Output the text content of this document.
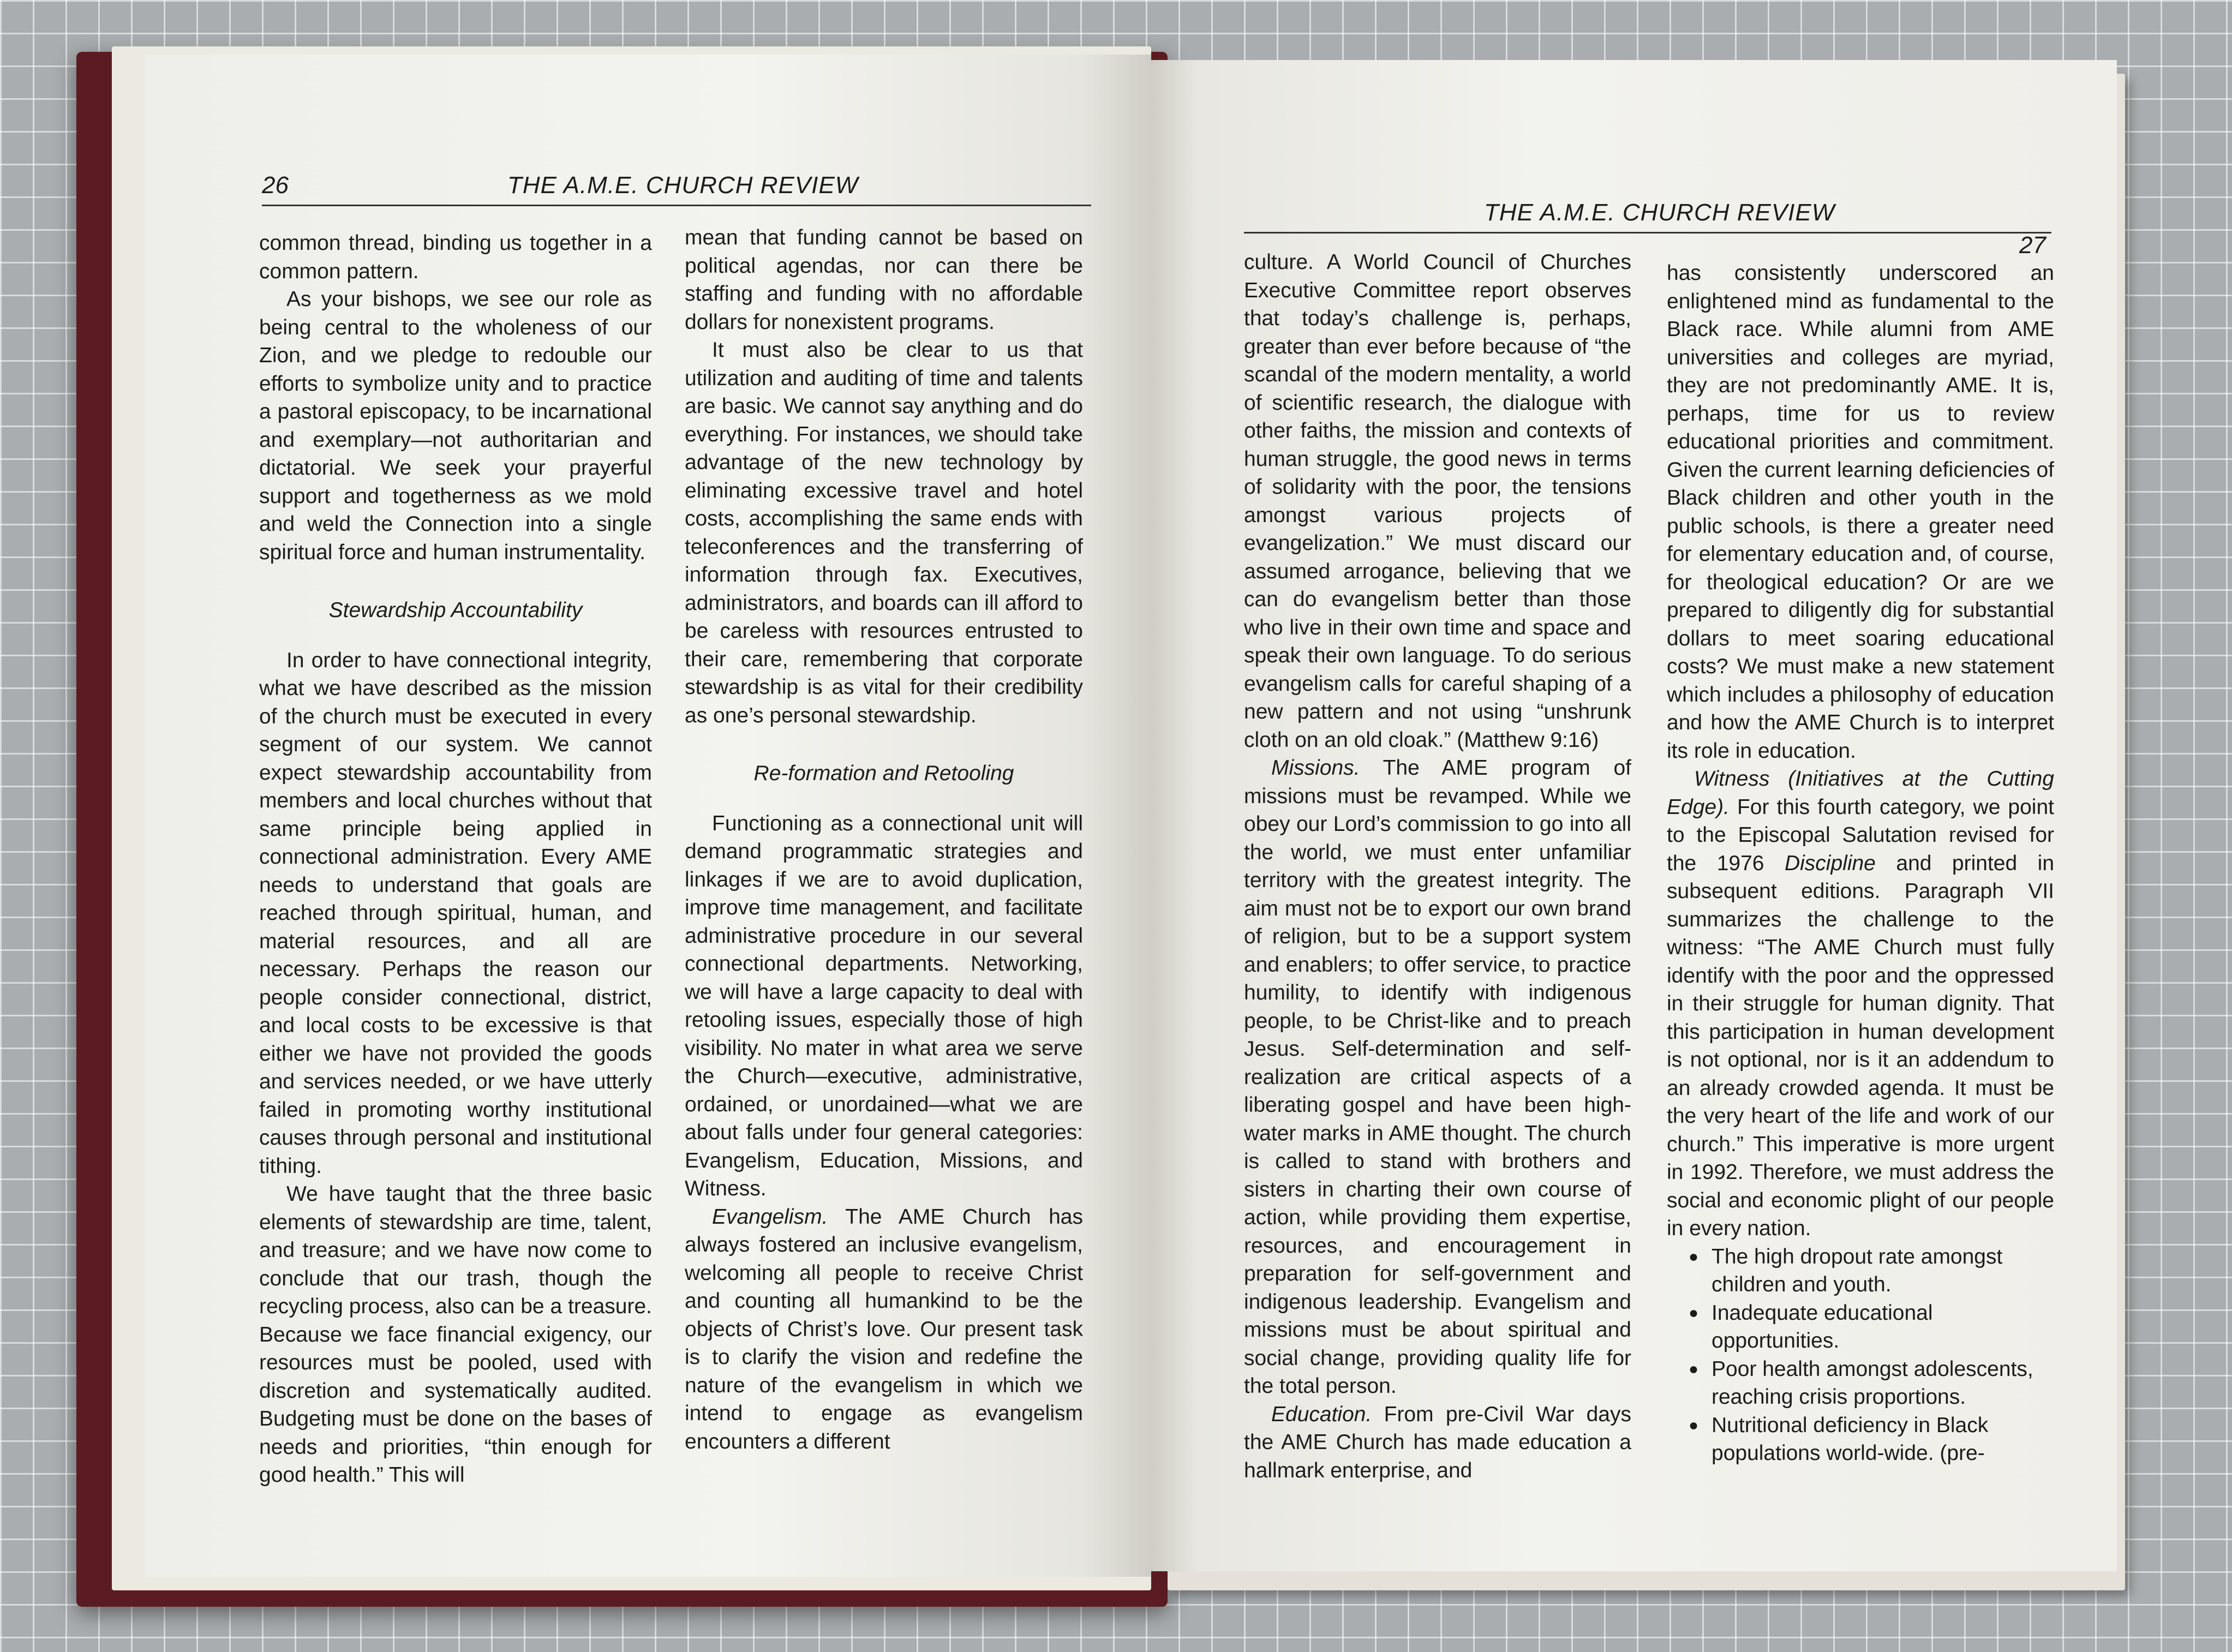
26	THE A.M.E. CHURCH REVIEW

common thread, binding us together in a common pattern.

As your bishops, we see our role as being central to the wholeness of our Zion, and we pledge to redouble our efforts to symbolize unity and to practice a pastoral episcopacy, to be incarnational and exemplary—not authoritarian and dictatorial. We seek your prayerful support and togetherness as we mold and weld the Connection into a single spiritual force and human instrumentality.

Stewardship Accountability

In order to have connectional integrity, what we have described as the mission of the church must be executed in every segment of our system. We cannot expect stewardship accountability from members and local churches without that same principle being applied in connectional administration. Every AME needs to understand that goals are reached through spiritual, human, and material resources, and all are necessary. Perhaps the reason our people consider connectional, district, and local costs to be excessive is that either we have not provided the goods and services needed, or we have utterly failed in promoting worthy institutional causes through personal and institutional tithing.

We have taught that the three basic elements of stewardship are time, talent, and treasure; and we have now come to conclude that our trash, though the recycling process, also can be a treasure. Because we face financial exigency, our resources must be pooled, used with discretion and systematically audited. Budgeting must be done on the bases of needs and priorities, “thin enough for good health.” This will

mean that funding cannot be based on political agendas, nor can there be staffing and funding with no affordable dollars for nonexistent programs.

It must also be clear to us that utilization and auditing of time and talents are basic. We cannot say anything and do everything. For instances, we should take advantage of the new technology by eliminating excessive travel and hotel costs, accomplishing the same ends with teleconferences and the transferring of information through fax. Executives, administrators, and boards can ill afford to be careless with resources entrusted to their care, remembering that corporate stewardship is as vital for their credibility as one’s personal stewardship.

Re-formation and Retooling

Functioning as a connectional unit will demand programmatic strategies and linkages if we are to avoid duplication, improve time management, and facilitate administrative procedure in our several connectional departments. Networking, we will have a large capacity to deal with retooling issues, especially those of high visibility. No mater in what area we serve the Church—executive, administrative, ordained, or unordained—what we are about falls under four general categories: Evangelism, Education, Missions, and Witness.

Evangelism. The AME Church has always fostered an inclusive evangelism, welcoming all people to receive Christ and counting all humankind to be the objects of Christ’s love. Our present task is to clarify the vision and redefine the nature of the evangelism in which we intend to engage as evangelism encounters a different

THE A.M.E. CHURCH REVIEW
27

culture. A World Council of Churches Executive Committee report observes that today’s challenge is, perhaps, greater than ever before because of “the scandal of the modern mentality, a world of scientific research, the dialogue with other faiths, the mission and contexts of human struggle, the good news in terms of solidarity with the poor, the tensions amongst various projects of evangelization.” We must discard our assumed arrogance, believing that we can do evangelism better than those who live in their own time and space and speak their own language. To do serious evangelism calls for careful shaping of a new pattern and not using “unshrunk cloth on an old cloak.” (Matthew 9:16)

Missions. The AME program of missions must be revamped. While we obey our Lord’s commission to go into all the world, we must enter unfamiliar territory with the greatest integrity. The aim must not be to export our own brand of religion, but to be a support system and enablers; to offer service, to practice humility, to identify with indigenous people, to be Christ-like and to preach Jesus. Self-determination and self-realization are critical aspects of a liberating gospel and have been high-water marks in AME thought. The church is called to stand with brothers and sisters in charting their own course of action, while providing them expertise, resources, and encouragement in preparation for self-government and indigenous leadership. Evangelism and missions must be about spiritual and social change, providing quality life for the total person.

Education. From pre-Civil War days the AME Church has made education a hallmark enterprise, and

has consistently underscored an enlightened mind as fundamental to the Black race. While alumni from AME universities and colleges are myriad, they are not predominantly AME. It is, perhaps, time for us to review educational priorities and commitment. Given the current learning deficiencies of Black children and other youth in the public schools, is there a greater need for elementary education and, of course, for theological education? Or are we prepared to diligently dig for substantial dollars to meet soaring educational costs? We must make a new statement which includes a philosophy of education and how the AME Church is to interpret its role in education.

Witness (Initiatives at the Cutting Edge). For this fourth category, we point to the Episcopal Salutation revised for the 1976 Discipline and printed in subsequent editions. Paragraph VII summarizes the challenge to the witness: “The AME Church must fully identify with the poor and the oppressed in their struggle for human dignity. That this participation in human development is not optional, nor is it an addendum to an already crowded agenda. It must be the very heart of the life and work of our church.” This imperative is more urgent in 1992. Therefore, we must address the social and economic plight of our people in every nation.

● The high dropout rate amongst children and youth.
● Inadequate educational opportunities.
● Poor health amongst adolescents, reaching crisis proportions.
● Nutritional deficiency in Black populations world-wide. (pre-
